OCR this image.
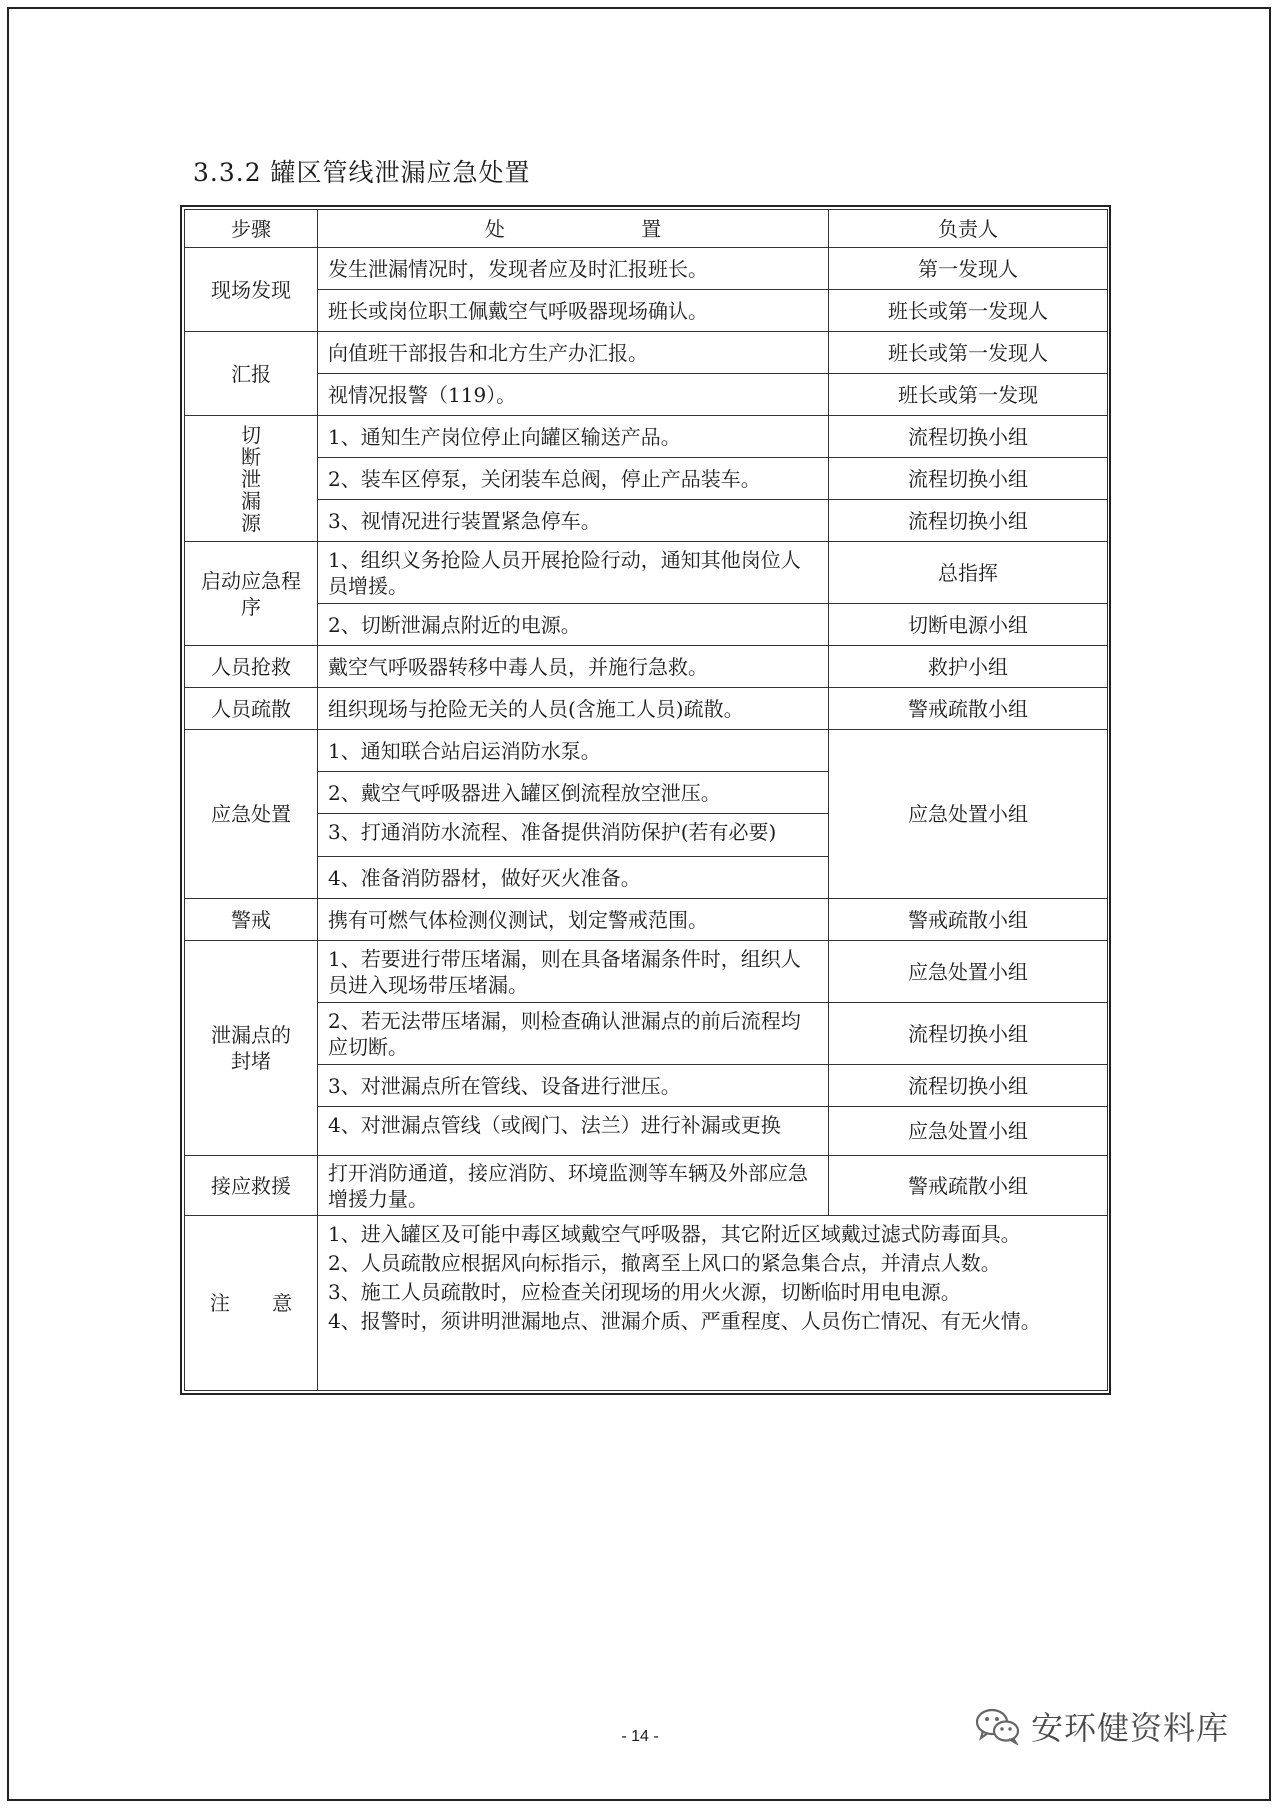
3.3.2 罐区管线泄漏应急处置
步骤	处 置	负责人
现场发现	发生泄漏情况时，发现者应及时汇报班长。	第一发现人
	班长或岗位职工佩戴空气呼吸器现场确认。	班长或第一发现人
汇报	向值班干部报告和北方生产办汇报。	班长或第一发现人
	视情况报警（119）。	班长或第一发现

切
断
泄
漏
源	1、通知生产岗位停止向罐区输送产品。	流程切换小组
	2、装车区停泵，关闭装车总阀，停止产品装车。	流程切换小组
	3、视情况进行装置紧急停车。	流程切换小组
启动应急程序	1、组织义务抢险人员开展抢险行动，通知其他岗位人员增援。	总指挥
	2、切断泄漏点附近的电源。	切断电源小组
人员抢救	戴空气呼吸器转移中毒人员，并施行急救。	救护小组
人员疏散	组织现场与抢险无关的人员(含施工人员)疏散。	警戒疏散小组
应急处置	1、通知联合站启运消防水泵。	应急处置小组
	2、戴空气呼吸器进入罐区倒流程放空泄压。	

	3、打通消防水流程、准备提供消防保护(若有必要)	

	4、准备消防器材，做好灭火准备。	
警戒	携有可燃气体检测仪测试，划定警戒范围。	警戒疏散小组
泄漏点的封堵	1、若要进行带压堵漏，则在具备堵漏条件时，组织人员进入现场带压堵漏。	应急处置小组
	2、若无法带压堵漏，则检查确认泄漏点的前后流程均应切断。	流程切换小组
	3、对泄漏点所在管线、设备进行泄压。	流程切换小组

	4、对泄漏点管线（或阀门、法兰）进行补漏或更换	应急处置小组
接应救援	打开消防通道，接应消防、环境监测等车辆及外部应急增援力量。	警戒疏散小组
注 意	1、进入罐区及可能中毒区域戴空气呼吸器，其它附近区域戴过滤式防毒面具。
2、人员疏散应根据风向标指示，撤离至上风口的紧急集合点，并清点人数。
3、施工人员疏散时，应检查关闭现场的用火火源，切断临时用电电源。
4、报警时，须讲明泄漏地点、泄漏介质、严重程度、人员伤亡情况、有无火情。	
- 14 -	安环健资料库
